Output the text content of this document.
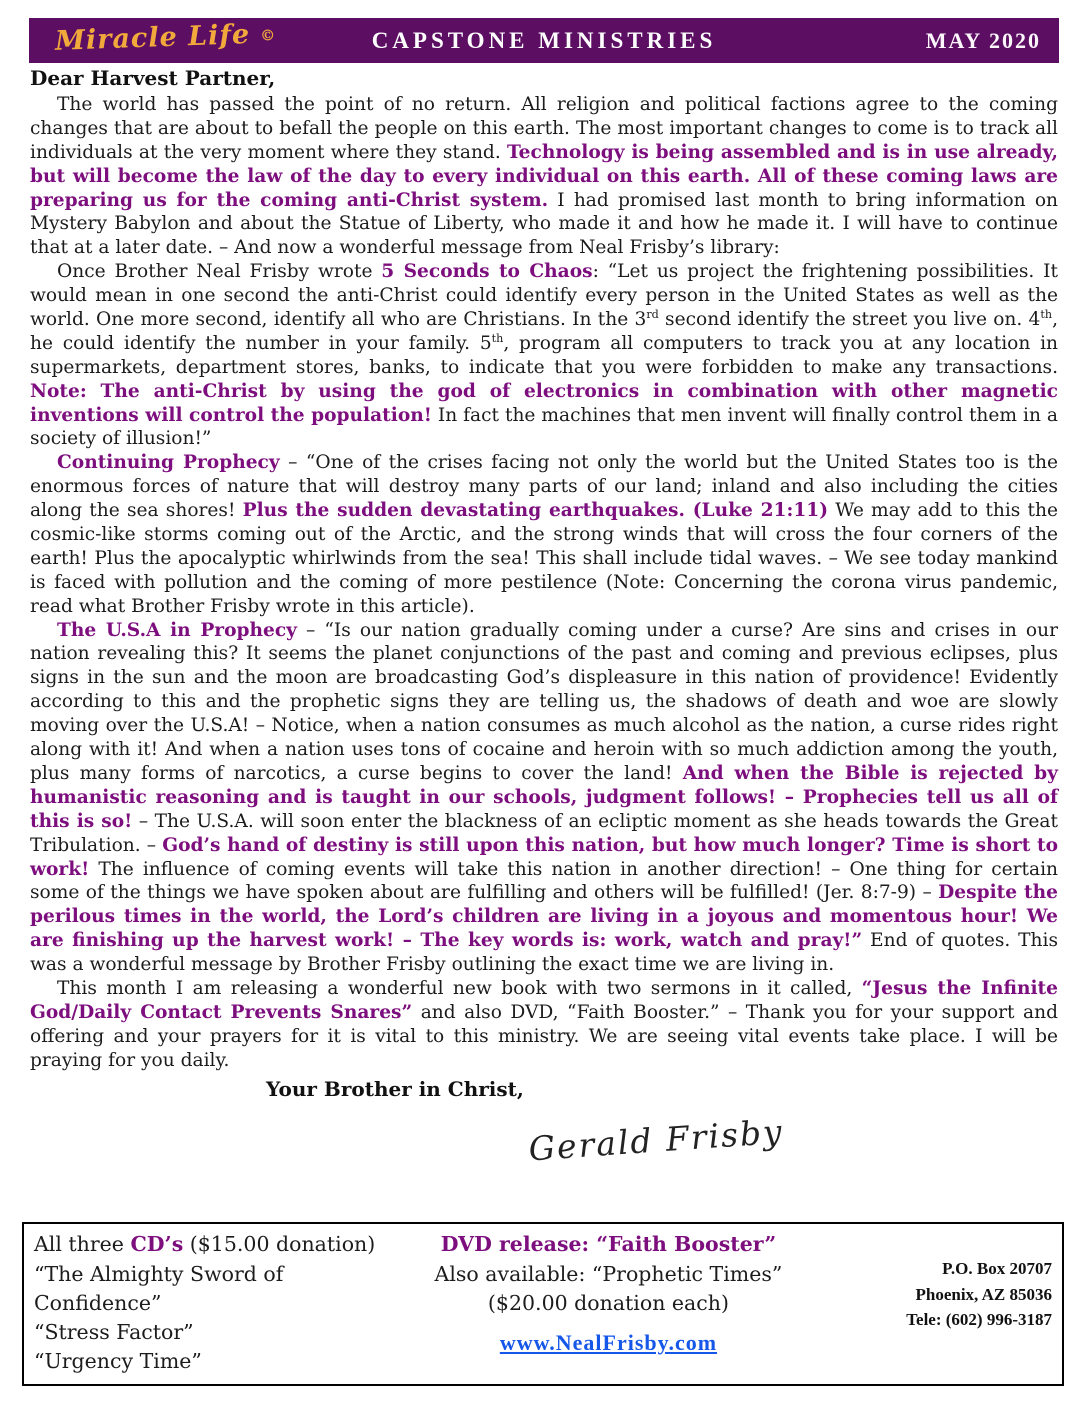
Miracle Life ©	CAPSTONE MINISTRIES	MAY 2020
Dear Harvest Partner,

The world has passed the point of no return. All religion and political factions agree to the coming changes that are about to befall the people on this earth. The most important changes to come is to track all individuals at the very moment where they stand. Technology is being assembled and is in use already, but will become the law of the day to every individual on this earth. All of these coming laws are preparing us for the coming anti-Christ system. I had promised last month to bring information on Mystery Babylon and about the Statue of Liberty, who made it and how he made it. I will have to continue that at a later date. – And now a wonderful message from Neal Frisby’s library:

Once Brother Neal Frisby wrote 5 Seconds to Chaos: “Let us project the frightening possibilities. It would mean in one second the anti-Christ could identify every person in the United States as well as the world. One more second, identify all who are Christians. In the 3rd second identify the street you live on. 4th, he could identify the number in your family. 5th, program all computers to track you at any location in supermarkets, department stores, banks, to indicate that you were forbidden to make any transactions. Note: The anti-Christ by using the god of electronics in combination with other magnetic inventions will control the population! In fact the machines that men invent will finally control them in a society of illusion!”

Continuing Prophecy – “One of the crises facing not only the world but the United States too is the enormous forces of nature that will destroy many parts of our land; inland and also including the cities along the sea shores! Plus the sudden devastating earthquakes. (Luke 21:11) We may add to this the cosmic-like storms coming out of the Arctic, and the strong winds that will cross the four corners of the earth! Plus the apocalyptic whirlwinds from the sea! This shall include tidal waves. – We see today mankind is faced with pollution and the coming of more pestilence (Note: Concerning the corona virus pandemic, read what Brother Frisby wrote in this article).

The U.S.A in Prophecy – “Is our nation gradually coming under a curse? Are sins and crises in our nation revealing this? It seems the planet conjunctions of the past and coming and previous eclipses, plus signs in the sun and the moon are broadcasting God’s displeasure in this nation of providence! Evidently according to this and the prophetic signs they are telling us, the shadows of death and woe are slowly moving over the U.S.A! – Notice, when a nation consumes as much alcohol as the nation, a curse rides right along with it! And when a nation uses tons of cocaine and heroin with so much addiction among the youth, plus many forms of narcotics, a curse begins to cover the land! And when the Bible is rejected by humanistic reasoning and is taught in our schools, judgment follows! – Prophecies tell us all of this is so! – The U.S.A. will soon enter the blackness of an ecliptic moment as she heads towards the Great Tribulation. – God’s hand of destiny is still upon this nation, but how much longer? Time is short to work! The influence of coming events will take this nation in another direction! – One thing for certain some of the things we have spoken about are fulfilling and others will be fulfilled! (Jer. 8:7-9) – Despite the perilous times in the world, the Lord’s children are living in a joyous and momentous hour! We are finishing up the harvest work! – The key words is: work, watch and pray!” End of quotes. This was a wonderful message by Brother Frisby outlining the exact time we are living in.

This month I am releasing a wonderful new book with two sermons in it called, “Jesus the Infinite God/Daily Contact Prevents Snares” and also DVD, “Faith Booster.” – Thank you for your support and offering and your prayers for it is vital to this ministry. We are seeing vital events take place. I will be praying for you daily.

Your Brother in Christ,
Gerald Frisby
All three CD’s ($15.00 donation)
“The Almighty Sword of Confidence”
“Stress Factor”
“Urgency Time”
DVD release: “Faith Booster”
Also available: “Prophetic Times”
($20.00 donation each)
www.NealFrisby.com
P.O. Box 20707
Phoenix, AZ 85036
Tele: (602) 996-3187
